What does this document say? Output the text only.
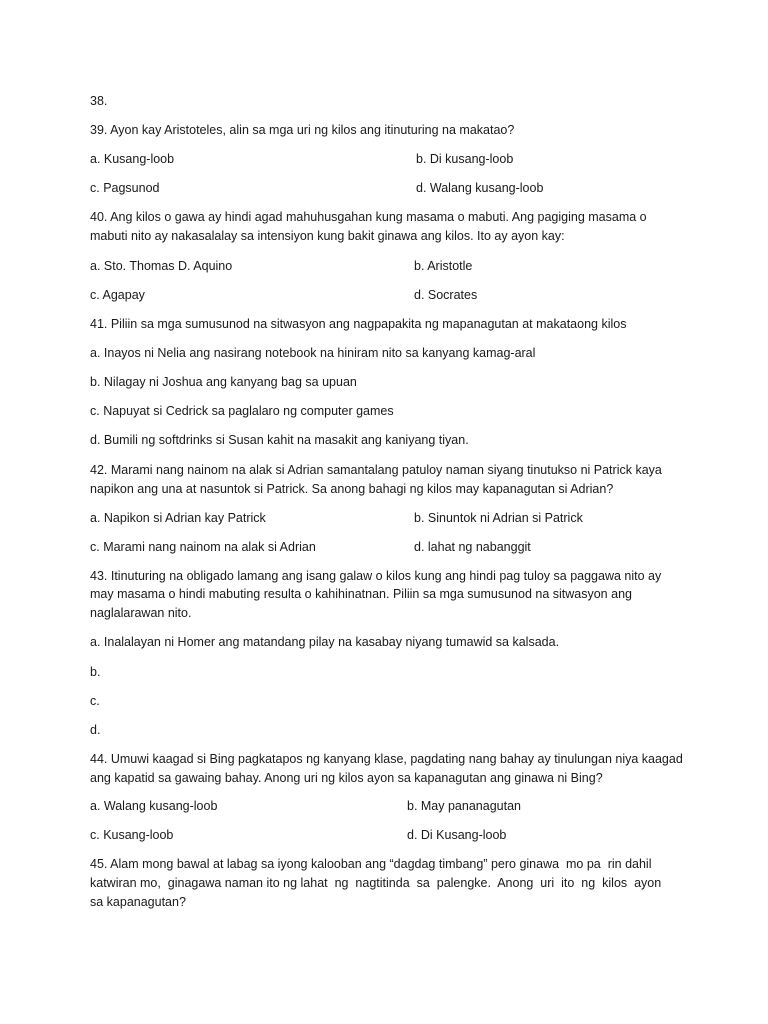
38.

39. Ayon kay Aristoteles, alin sa mga uri ng kilos ang itinuturing na makatao?

a. Kusang-loob	b. Di kusang-loob
c. Pagsunod	d. Walang kusang-loob

40. Ang kilos o gawa ay hindi agad mahuhusgahan kung masama o mabuti. Ang pagiging masama o

mabuti nito ay nakasalalay sa intensiyon kung bakit ginawa ang kilos. Ito ay ayon kay:

a. Sto. Thomas D. Aquino	b. Aristotle
c. Agapay	d. Socrates

41. Piliin sa mga sumusunod na sitwasyon ang nagpapakita ng mapanagutan at makataong kilos

a. Inayos ni Nelia ang nasirang notebook na hiniram nito sa kanyang kamag-aral

b. Nilagay ni Joshua ang kanyang bag sa upuan

c. Napuyat si Cedrick sa paglalaro ng computer games

d. Bumili ng softdrinks si Susan kahit na masakit ang kaniyang tiyan.

42. Marami nang nainom na alak si Adrian samantalang patuloy naman siyang tinutukso ni Patrick kaya

napikon ang una at nasuntok si Patrick. Sa anong bahagi ng kilos may kapanagutan si Adrian?

a. Napikon si Adrian kay Patrick	b. Sinuntok ni Adrian si Patrick
c. Marami nang nainom na alak si Adrian	d. lahat ng nabanggit

43. Itinuturing na obligado lamang ang isang galaw o kilos kung ang hindi pag tuloy sa paggawa nito ay

may masama o hindi mabuting resulta o kahihinatnan. Piliin sa mga sumusunod na sitwasyon ang

naglalarawan nito.

a. Inalalayan ni Homer ang matandang pilay na kasabay niyang tumawid sa kalsada.

b.

c.

d.

44. Umuwi kaagad si Bing pagkatapos ng kanyang klase, pagdating nang bahay ay tinulungan niya kaagad

ang kapatid sa gawaing bahay. Anong uri ng kilos ayon sa kapanagutan ang ginawa ni Bing?

a. Walang kusang-loob	b. May pananagutan
c. Kusang-loob	d. Di Kusang-loob

45. Alam mong bawal at labag sa iyong kalooban ang “dagdag timbang” pero ginawa  mo pa  rin dahil

katwiran mo,  ginagawa naman ito ng lahat  ng  nagtitinda  sa  palengke.  Anong  uri  ito  ng  kilos  ayon

sa kapanagutan?
